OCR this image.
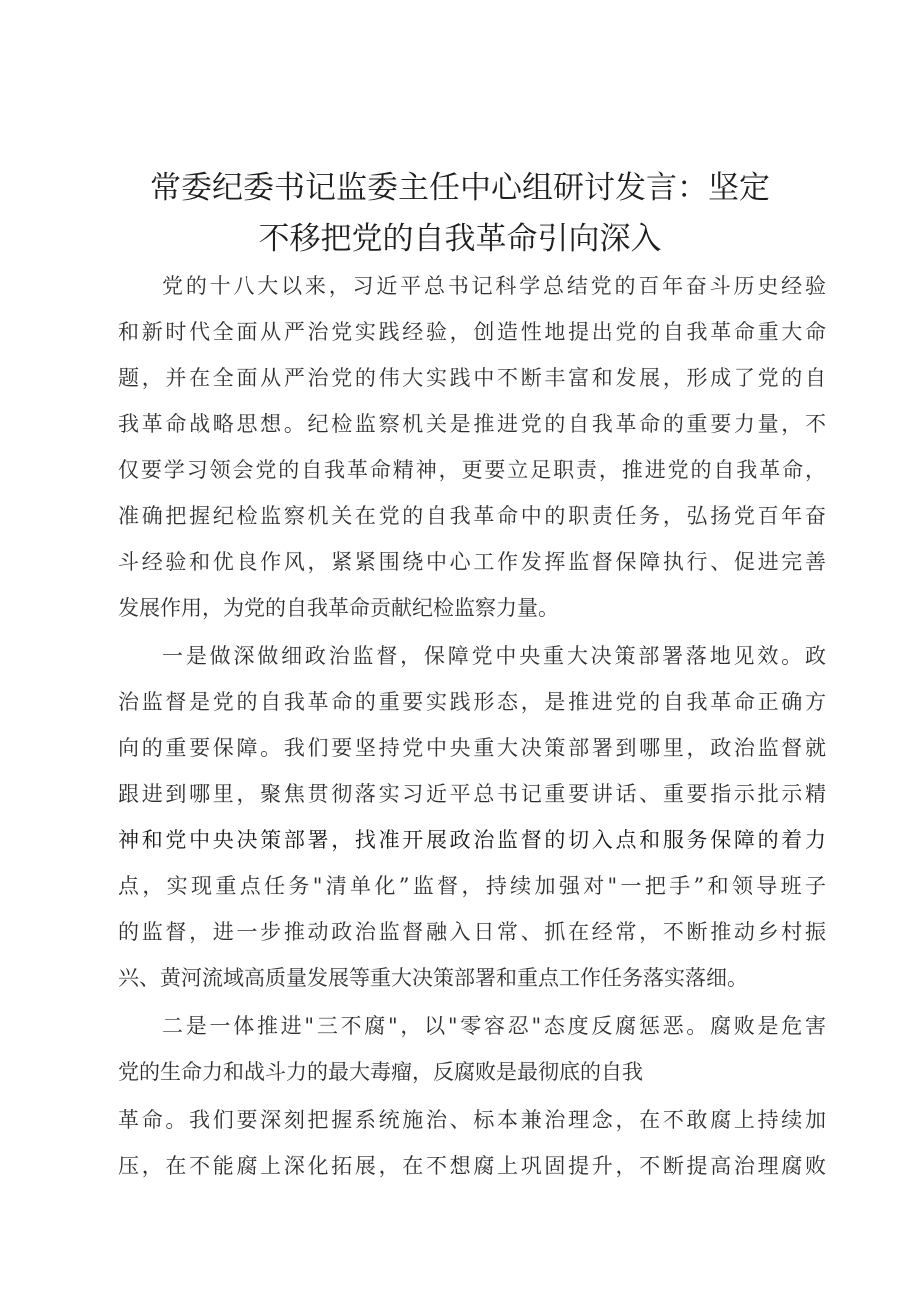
常委纪委书记监委主任中心组研讨发言：坚定
不移把党的自我革命引向深入
党的十八大以来，习近平总书记科学总结党的百年奋斗历史经验
和新时代全面从严治党实践经验，创造性地提出党的自我革命重大命
题，并在全面从严治党的伟大实践中不断丰富和发展，形成了党的自
我革命战略思想。纪检监察机关是推进党的自我革命的重要力量，不
仅要学习领会党的自我革命精神，更要立足职责，推进党的自我革命，
准确把握纪检监察机关在党的自我革命中的职责任务，弘扬党百年奋
斗经验和优良作风，紧紧围绕中心工作发挥监督保障执行、促进完善
发展作用，为党的自我革命贡献纪检监察力量。
一是做深做细政治监督，保障党中央重大决策部署落地见效。政
治监督是党的自我革命的重要实践形态，是推进党的自我革命正确方
向的重要保障。我们要坚持党中央重大决策部署到哪里，政治监督就
跟进到哪里，聚焦贯彻落实习近平总书记重要讲话、重要指示批示精
神和党中央决策部署，找准开展政治监督的切入点和服务保障的着力
点，实现重点任务"清单化”监督，持续加强对"一把手”和领导班子
的监督，进一步推动政治监督融入日常、抓在经常，不断推动乡村振
兴、黄河流域高质量发展等重大决策部署和重点工作任务落实落细。
二是一体推进"三不腐"，以"零容忍"态度反腐惩恶。腐败是危害
党的生命力和战斗力的最大毒瘤，反腐败是最彻底的自我
革命。我们要深刻把握系统施治、标本兼治理念，在不敢腐上持续加
压，在不能腐上深化拓展，在不想腐上巩固提升，不断提高治理腐败
